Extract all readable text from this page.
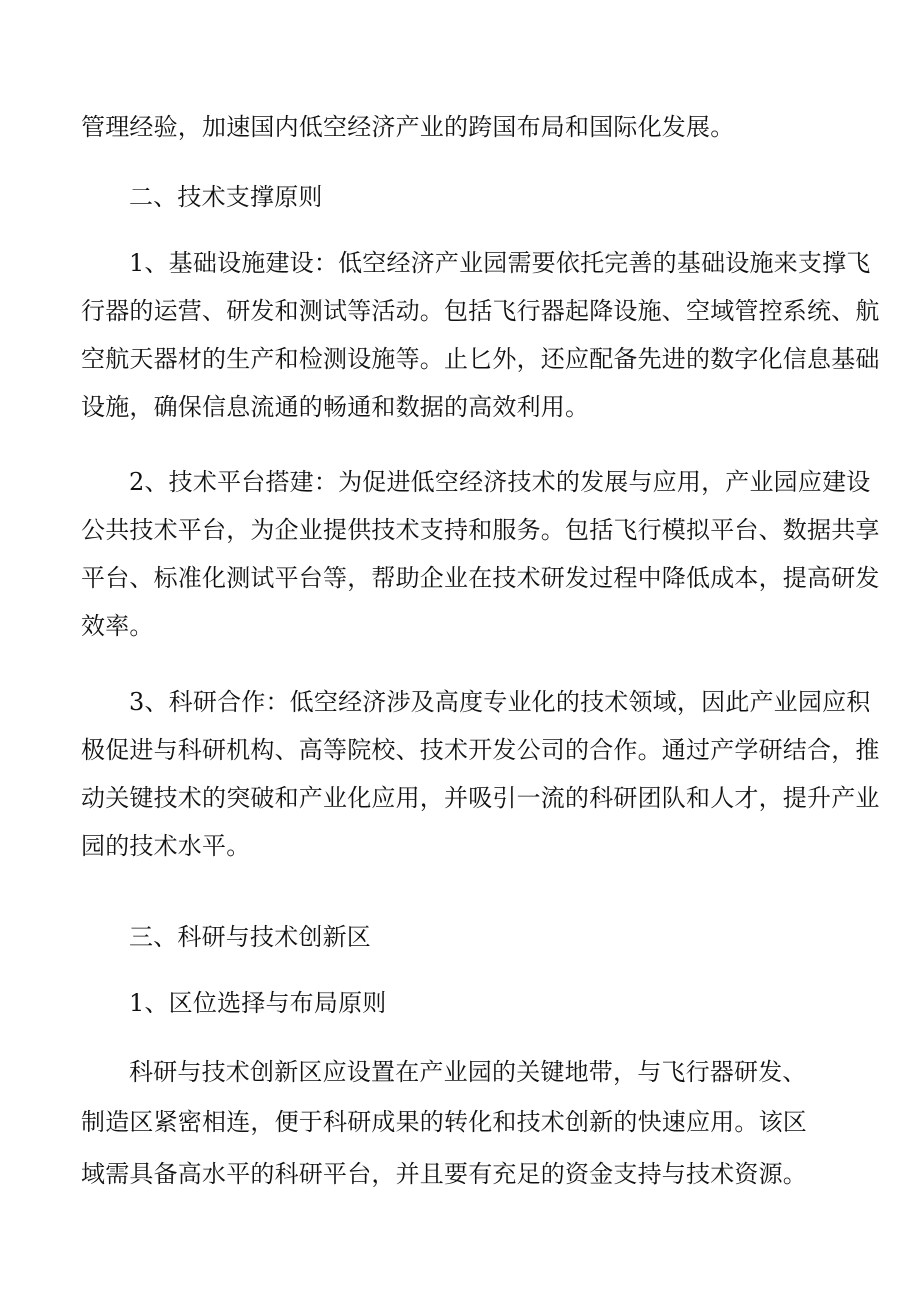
管理经验，加速国内低空经济产业的跨国布局和国际化发展。
二、技术支撑原则
1、基础设施建设：低空经济产业园需要依托完善的基础设施来支撑飞
行器的运营、研发和测试等活动。包括飞行器起降设施、空域管控系统、航
空航天器材的生产和检测设施等。止匕外，还应配备先进的数字化信息基础
设施，确保信息流通的畅通和数据的高效利用。
2、技术平台搭建：为促进低空经济技术的发展与应用，产业园应建设
公共技术平台，为企业提供技术支持和服务。包括飞行模拟平台、数据共享
平台、标准化测试平台等，帮助企业在技术研发过程中降低成本，提高研发
效率。
3、科研合作：低空经济涉及高度专业化的技术领域，因此产业园应积
极促进与科研机构、高等院校、技术开发公司的合作。通过产学研结合，推
动关键技术的突破和产业化应用，并吸引一流的科研团队和人才，提升产业
园的技术水平。
三、科研与技术创新区
1、区位选择与布局原则
科研与技术创新区应设置在产业园的关键地带，与飞行器研发、
制造区紧密相连，便于科研成果的转化和技术创新的快速应用。该区
域需具备高水平的科研平台，并且要有充足的资金支持与技术资源。
